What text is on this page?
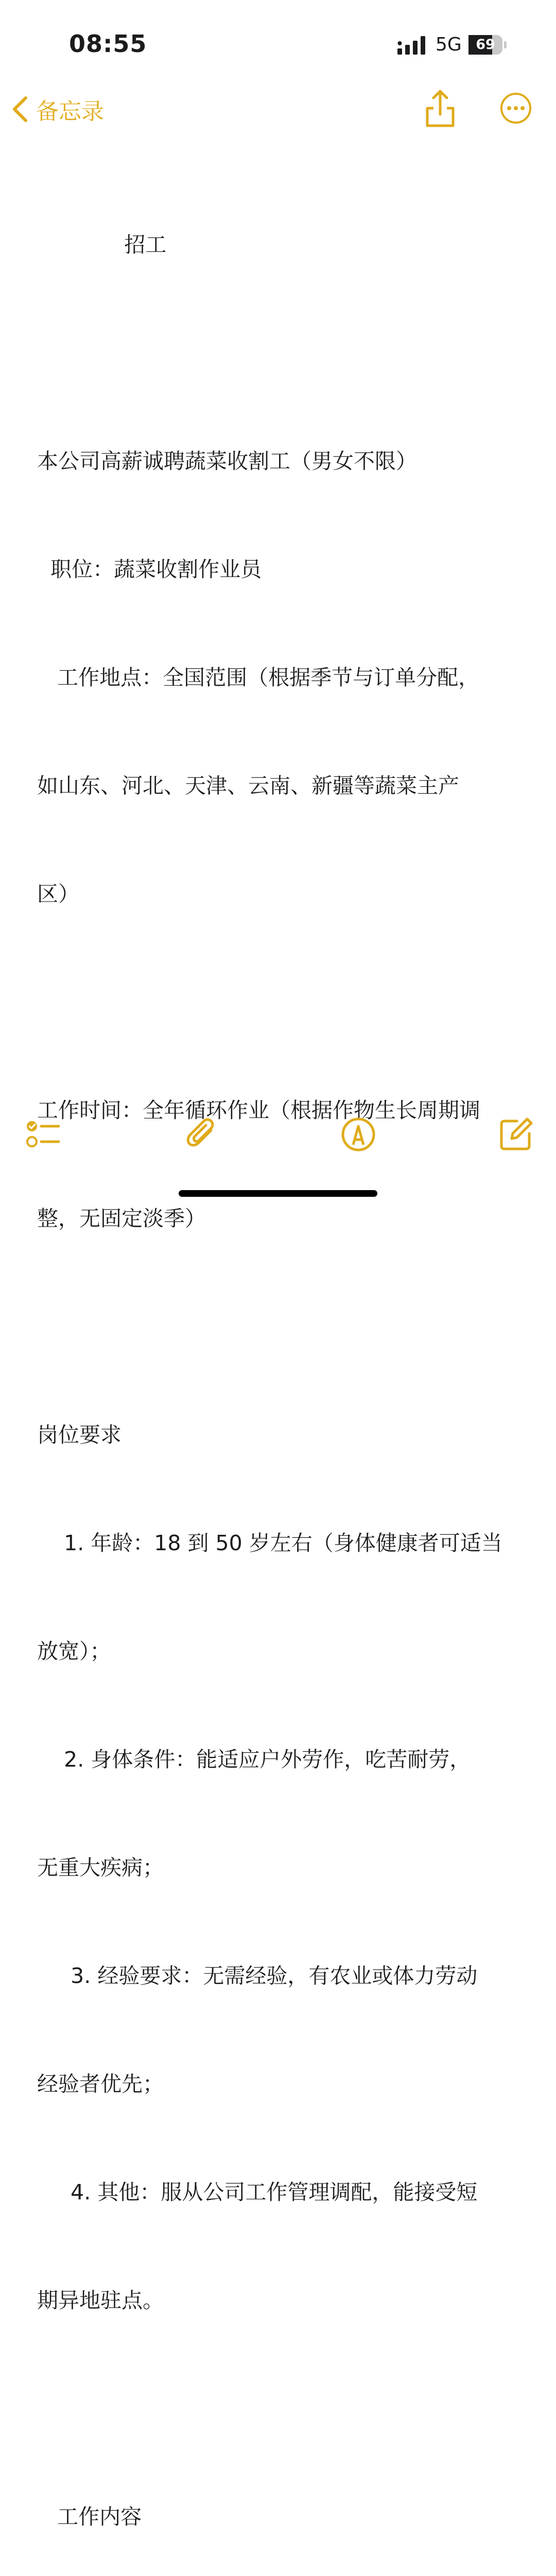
08:55	5G	69
备忘录

招工

本公司高薪诚聘蔬菜收割工（男女不限）

职位：蔬菜收割作业员

工作地点：全国范围（根据季节与订单分配，

如山东、河北、天津、云南、新疆等蔬菜主产

区）

工作时间：全年循环作业（根据作物生长周期调

整，无固定淡季）

岗位要求

1. 年龄：18 到 50 岁左右（身体健康者可适当

放宽）；

2. 身体条件：能适应户外劳作，吃苦耐劳，

无重大疾病；

3. 经验要求：无需经验，有农业或体力劳动

经验者优先；

4. 其他：服从公司工作管理调配，能接受短

期异地驻点。

工作内容
